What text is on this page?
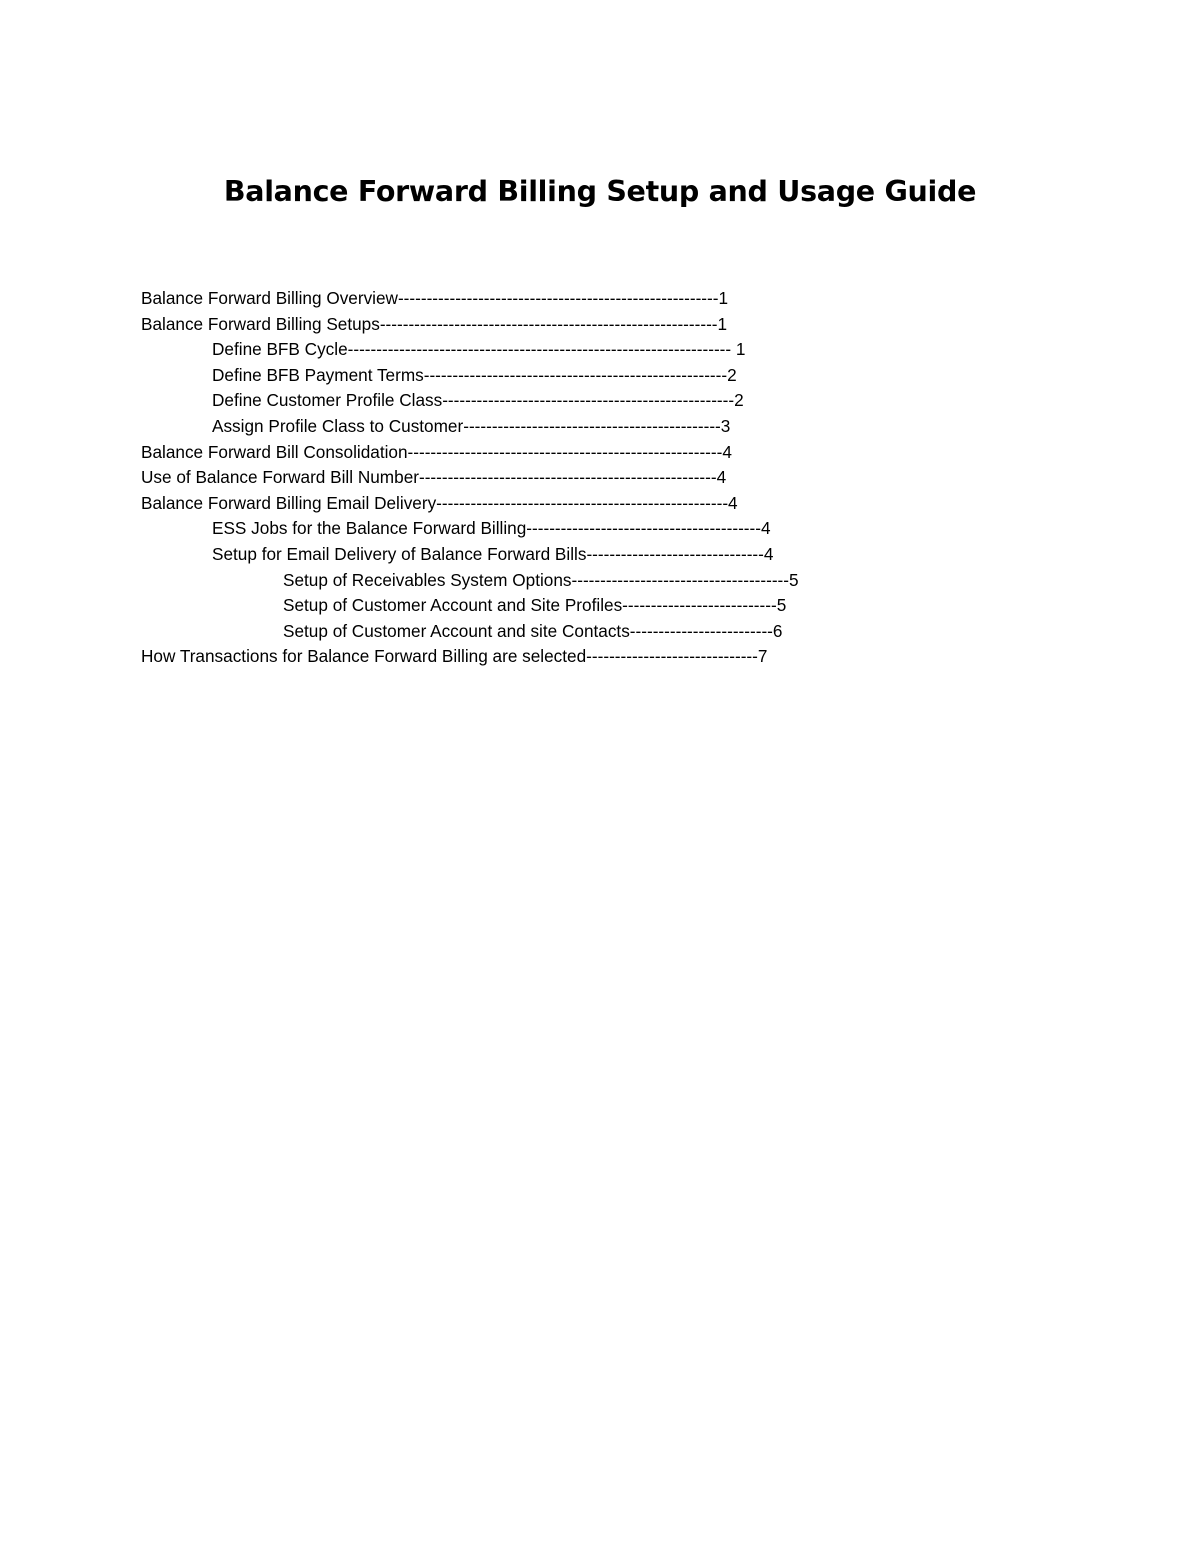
Balance Forward Billing Setup and Usage Guide
Balance Forward Billing Overview--------------------------------------------------------1
Balance Forward Billing Setups-----------------------------------------------------------1
Define BFB Cycle------------------------------------------------------------------- 1
Define BFB Payment Terms-----------------------------------------------------2
Define Customer Profile Class---------------------------------------------------2
Assign Profile Class to Customer---------------------------------------------3
Balance Forward Bill Consolidation-------------------------------------------------------4
Use of Balance Forward Bill Number----------------------------------------------------4
Balance Forward Billing Email Delivery---------------------------------------------------4
ESS Jobs for the Balance Forward Billing-----------------------------------------4
Setup for Email Delivery of Balance Forward Bills-------------------------------4
Setup of Receivables System Options--------------------------------------5
Setup of Customer Account and Site Profiles---------------------------5
Setup of Customer Account and site Contacts-------------------------6
How Transactions for Balance Forward Billing are selected------------------------------7
